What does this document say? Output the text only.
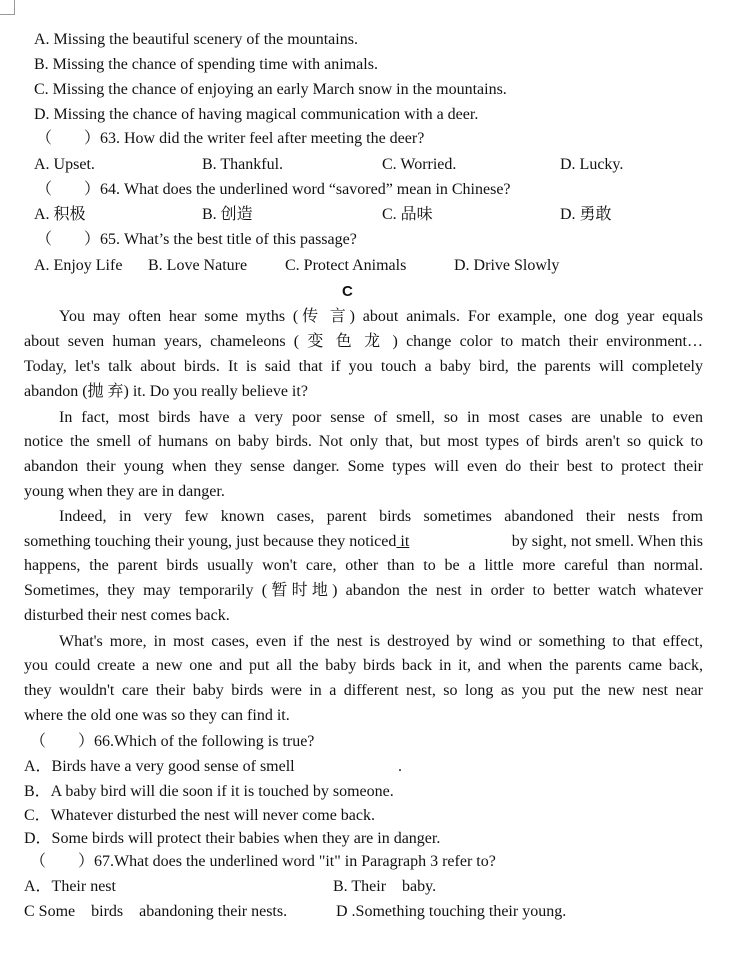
A. Missing the beautiful scenery of the mountains.
B. Missing the chance of spending time with animals.
C. Missing the chance of enjoying an early March snow in the mountains.
D. Missing the chance of having magical communication with a deer.
（　　）63. How did the writer feel after meeting the deer?
A. Upset.	B. Thankful.	C. Worried.	D. Lucky.
（　　）64. What does the underlined word “savored” mean in Chinese?
A. 积极	B. 创造	C. 品味	D. 勇敢
（　　）65. What’s the best title of this passage?
A. Enjoy Life B. Love Nature C. Protect Animals	D. Drive Slowly
C
You may often hear some myths (传 言) about animals. For example, one dog year equals
about seven human years, chameleons ( 变 色 龙 ) change color to match their environment…
Today, let's talk about birds. It is said that if you touch a baby bird, the parents will completely
abandon (抛 弃) it. Do you really believe it?
In fact, most birds have a very poor sense of smell, so in most cases are unable to even
notice the smell of humans on baby birds. Not only that, but most types of birds aren't so quick to
abandon their young when they sense danger. Some types will even do their best to protect their
young when they are in danger.
Indeed, in very few known cases, parent birds sometimes abandoned their nests from
something touching their young, just because they noticed it	by sight, not smell. When this
happens, the parent birds usually won't care, other than to be a little more careful than normal.
Sometimes, they may temporarily (暂时地) abandon the nest in order to better watch whatever
disturbed their nest comes back.
What's more, in most cases, even if the nest is destroyed by wind or something to that effect,
you could create a new one and put all the baby birds back in it, and when the parents came back,
they wouldn't care their baby birds were in a different nest, so long as you put the new nest near
where the old one was so they can find it.
（　　）66.Which of the following is true?
A．Birds have a very good sense of smell	.
B．A baby bird will die soon if it is touched by someone.
C．Whatever disturbed the nest will never come back.
D．Some birds will protect their babies when they are in danger.
（　　）67.What does the underlined word "it" in Paragraph 3 refer to?
A．Their nest	B. Their　baby.
C Some　birds　abandoning their nests.	D .Something touching their young.
